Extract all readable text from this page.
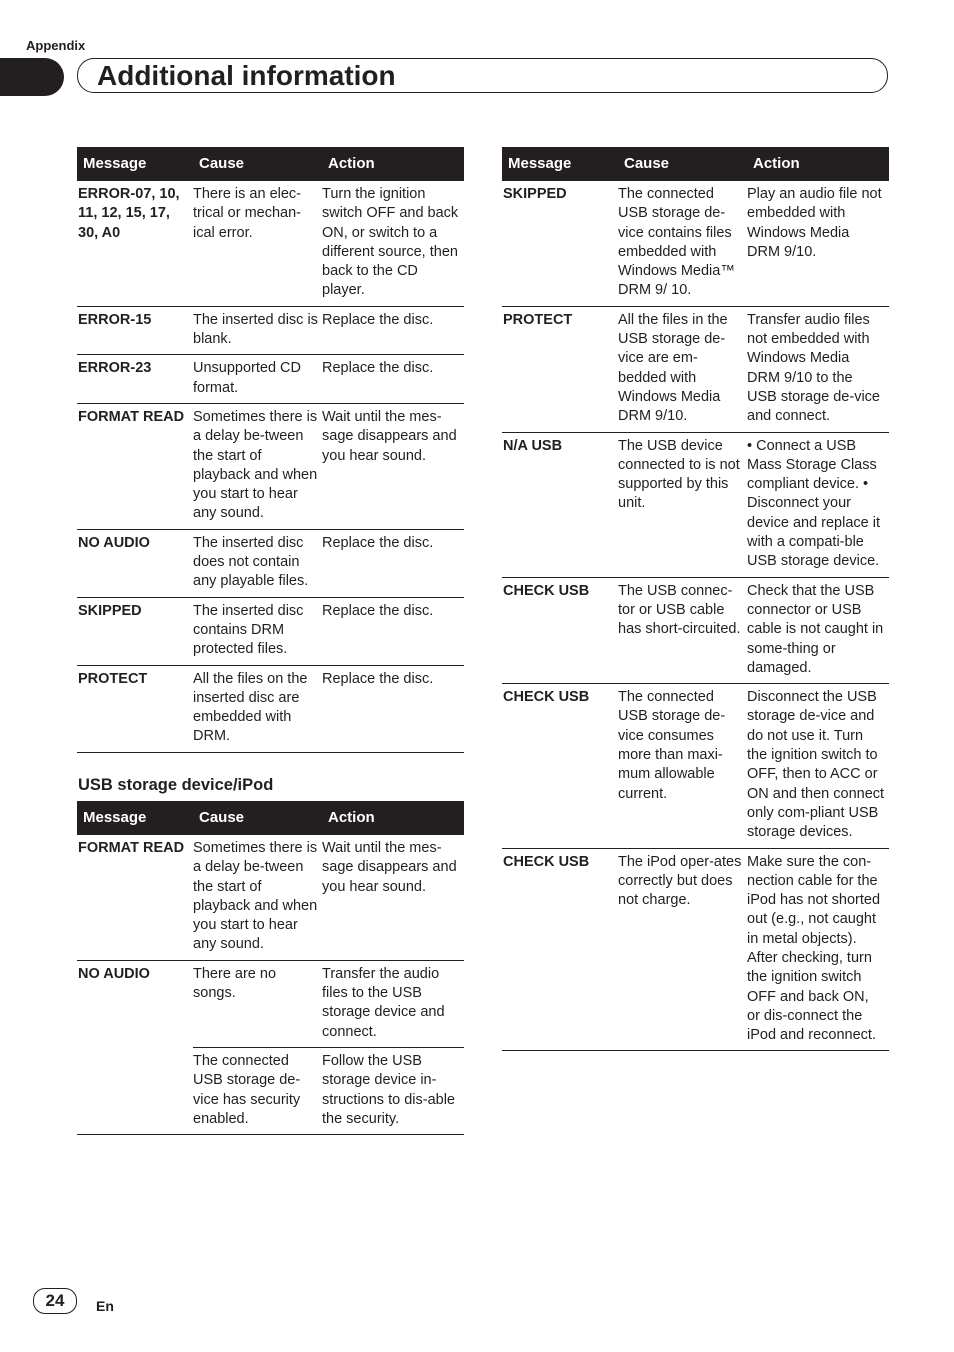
Appendix
Additional information
Message	Cause	Action
ERROR-07, 10, 11, 12, 15, 17, 30, A0	There is an elec-trical or mechan-ical error.	Turn the ignition switch OFF and back ON, or switch to a different source, then back to the CD player.
ERROR-15	The inserted disc is blank.	Replace the disc.
ERROR-23	Unsupported CD format.	Replace the disc.
FORMAT READ	Sometimes there is a delay be-tween the start of playback and when you start to hear any sound.	Wait until the mes-sage disappears and you hear sound.
NO AUDIO	The inserted disc does not contain any playable files.	Replace the disc.
SKIPPED	The inserted disc contains DRM protected files.	Replace the disc.
PROTECT	All the files on the inserted disc are embedded with DRM.	Replace the disc.
USB storage device/iPod
Message	Cause	Action
FORMAT READ	Sometimes there is a delay be-tween the start of playback and when you start to hear any sound.	Wait until the mes-sage disappears and you hear sound.
NO AUDIO	There are no songs.	Transfer the audio files to the USB storage device and connect.
	The connected USB storage de-vice has security enabled.	Follow the USB storage device in-structions to dis-able the security.
Message	Cause	Action
SKIPPED	The connected USB storage de-vice contains files embedded with Windows Media™ DRM 9/ 10.	Play an audio file not embedded with Windows Media DRM 9/10.
PROTECT	All the files in the USB storage de-vice are em-bedded with Windows Media DRM 9/10.	Transfer audio files not embedded with Windows Media DRM 9/10 to the USB storage de-vice and connect.
N/A USB	The USB device connected to is not supported by this unit.	• Connect a USB Mass Storage Class compliant device. • Disconnect your device and replace it with a compati-ble USB storage device.
CHECK USB	The USB connec-tor or USB cable has short-circuited.	Check that the USB connector or USB cable is not caught in some-thing or damaged.
CHECK USB	The connected USB storage de-vice consumes more than maxi-mum allowable current.	Disconnect the USB storage de-vice and do not use it. Turn the ignition switch to OFF, then to ACC or ON and then connect only com-pliant USB storage devices.
CHECK USB	The iPod oper-ates correctly but does not charge.	Make sure the con-nection cable for the iPod has not shorted out (e.g., not caught in metal objects). After checking, turn the ignition switch OFF and back ON, or dis-connect the iPod and reconnect.
24	En
